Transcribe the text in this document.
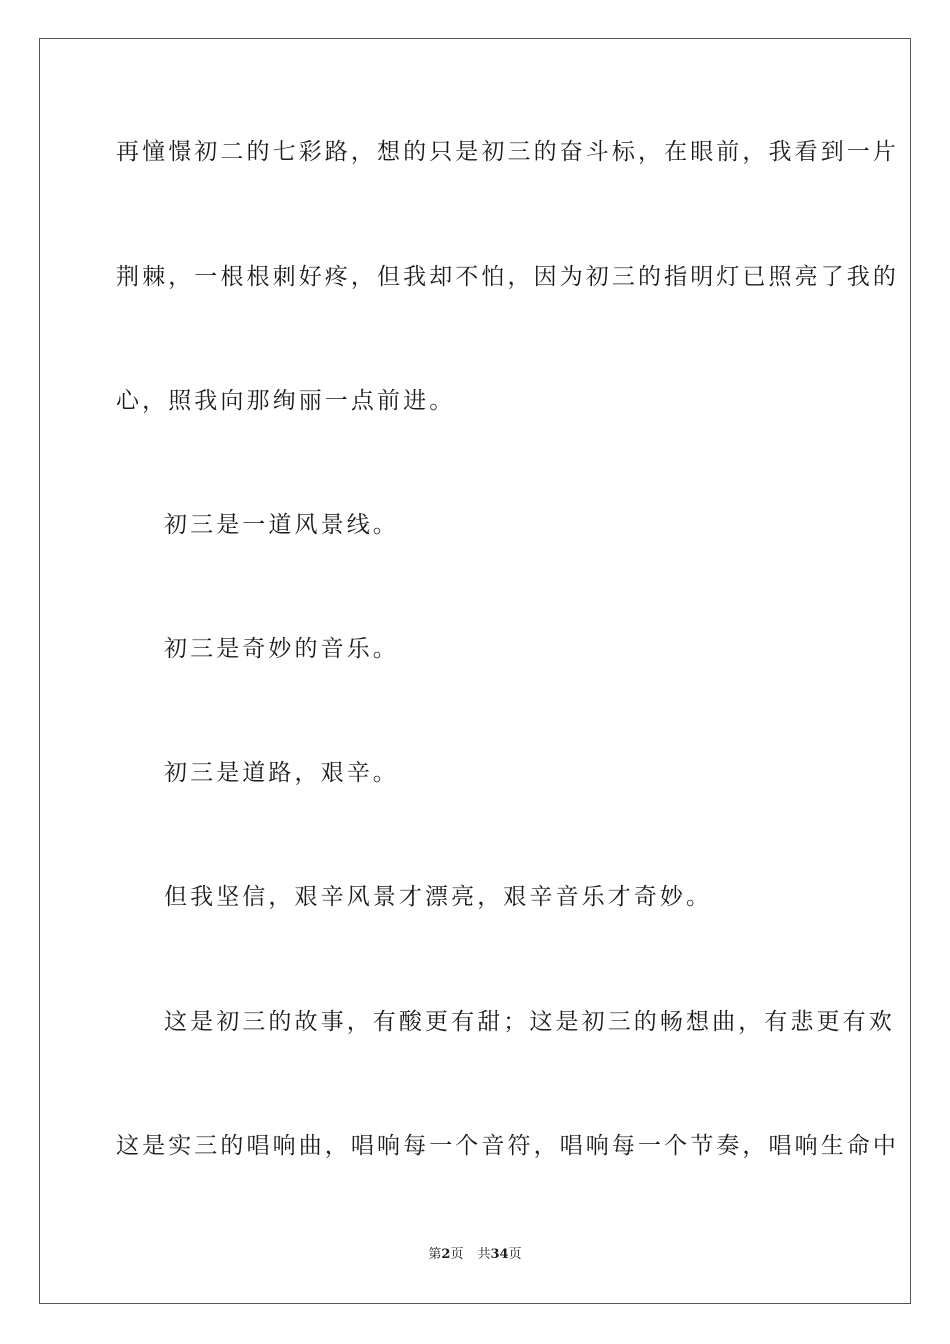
再憧憬初二的七彩路，想的只是初三的奋斗标，在眼前，我看到一片
荆棘，一根根刺好疼，但我却不怕，因为初三的指明灯已照亮了我的
心，照我向那绚丽一点前进。
初三是一道风景线。
初三是奇妙的音乐。
初三是道路，艰辛。
但我坚信，艰辛风景才漂亮，艰辛音乐才奇妙。
这是初三的故事，有酸更有甜；这是初三的畅想曲，有悲更有欢
这是实三的唱响曲，唱响每一个音符，唱响每一个节奏，唱响生命中
第2页 共34页
